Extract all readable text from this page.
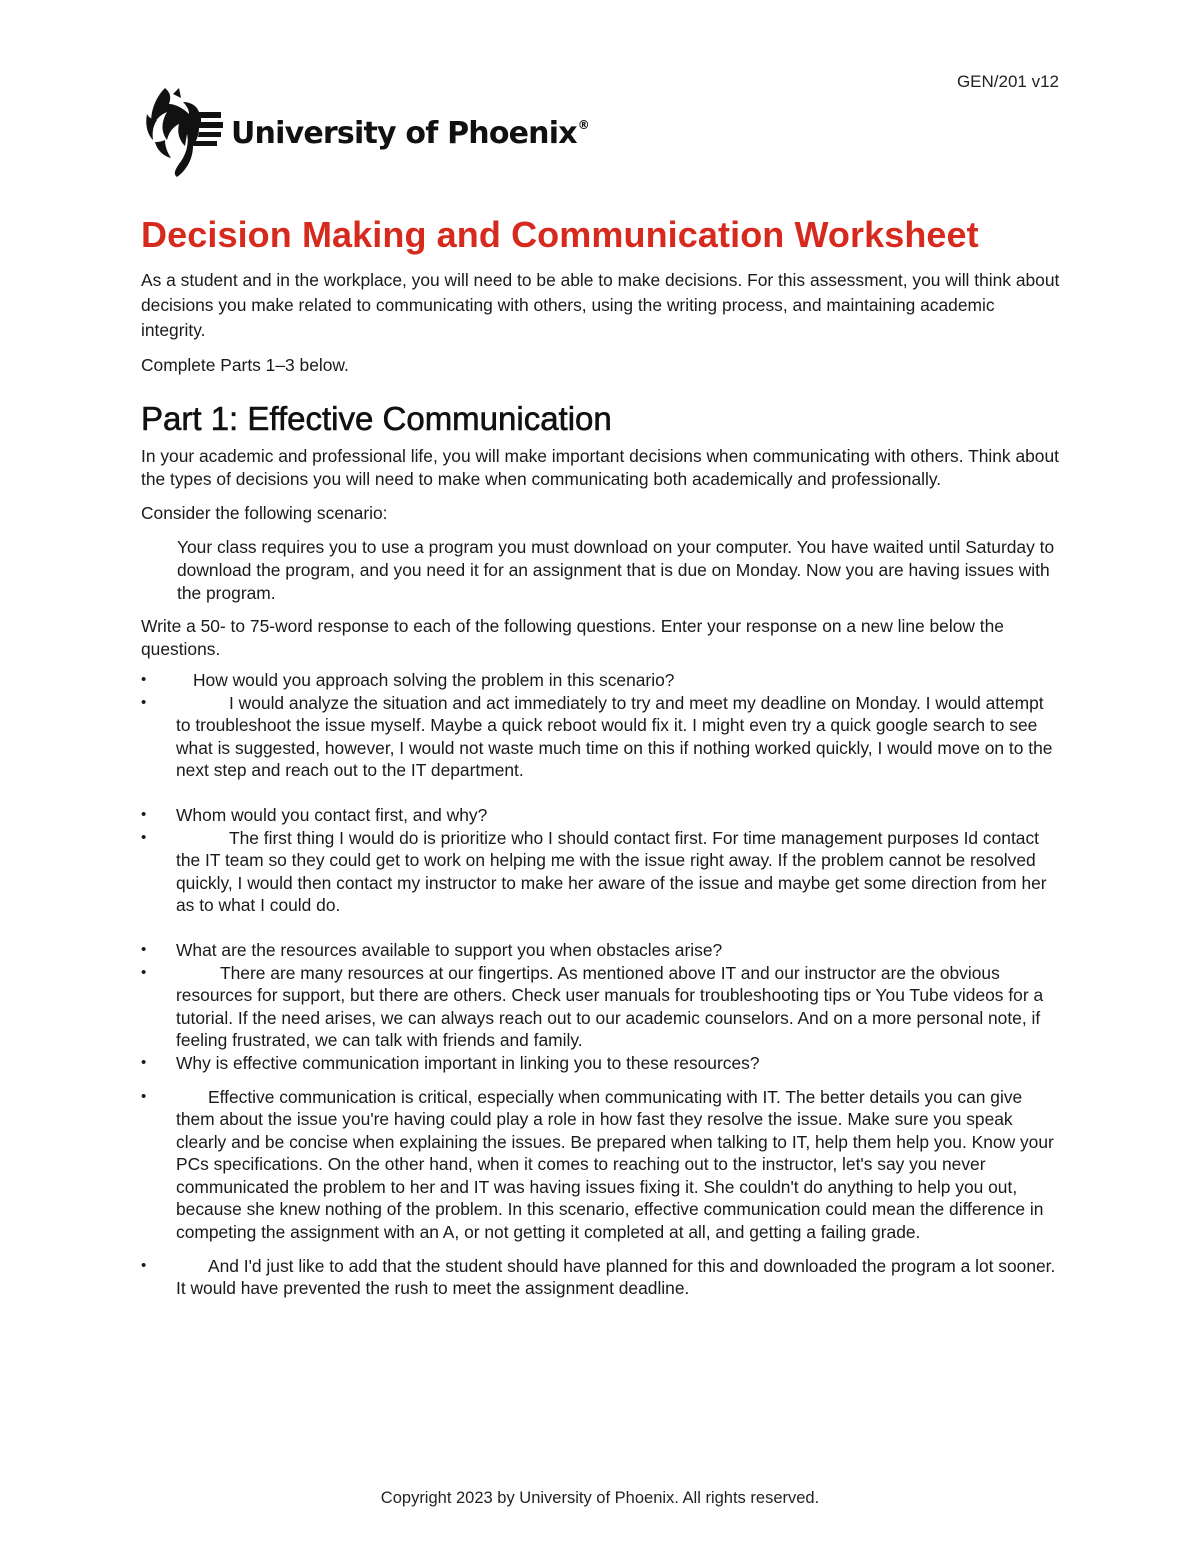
GEN/201 v12
University of Phoenix®
Decision Making and Communication Worksheet

As a student and in the workplace, you will need to be able to make decisions. For this assessment, you will think about decisions you make related to communicating with others, using the writing process, and maintaining academic integrity.

Complete Parts 1–3 below.

Part 1: Effective Communication

In your academic and professional life, you will make important decisions when communicating with others. Think about the types of decisions you will need to make when communicating both academically and professionally.

Consider the following scenario:

Your class requires you to use a program you must download on your computer. You have waited until Saturday to download the program, and you need it for an assignment that is due on Monday. Now you are having issues with the program.

Write a 50- to 75-word response to each of the following questions. Enter your response on a new line below the questions.

•	How would you approach solving the problem in this scenario?
•	I would analyze the situation and act immediately to try and meet my deadline on Monday. I would attempt to troubleshoot the issue myself. Maybe a quick reboot would fix it. I might even try a quick google search to see what is suggested, however, I would not waste much time on this if nothing worked quickly, I would move on to the next step and reach out to the IT department.
• Whom would you contact first, and why?
•	The first thing I would do is prioritize who I should contact first. For time management purposes Id contact the IT team so they could get to work on helping me with the issue right away. If the problem cannot be resolved quickly, I would then contact my instructor to make her aware of the issue and maybe get some direction from her as to what I could do.
• What are the resources available to support you when obstacles arise?
•	There are many resources at our fingertips. As mentioned above IT and our instructor are the obvious resources for support, but there are others. Check user manuals for troubleshooting tips or You Tube videos for a tutorial. If the need arises, we can always reach out to our academic counselors. And on a more personal note, if feeling frustrated, we can talk with friends and family.
• Why is effective communication important in linking you to these resources?
•	Effective communication is critical, especially when communicating with IT. The better details you can give them about the issue you're having could play a role in how fast they resolve the issue. Make sure you speak clearly and be concise when explaining the issues. Be prepared when talking to IT, help them help you. Know your PCs specifications. On the other hand, when it comes to reaching out to the instructor, let's say you never communicated the problem to her and IT was having issues fixing it. She couldn't do anything to help you out, because she knew nothing of the problem. In this scenario, effective communication could mean the difference in competing the assignment with an A, or not getting it completed at all, and getting a failing grade.
•	And I'd just like to add that the student should have planned for this and downloaded the program a lot sooner. It would have prevented the rush to meet the assignment deadline.
Copyright 2023 by University of Phoenix. All rights reserved.
